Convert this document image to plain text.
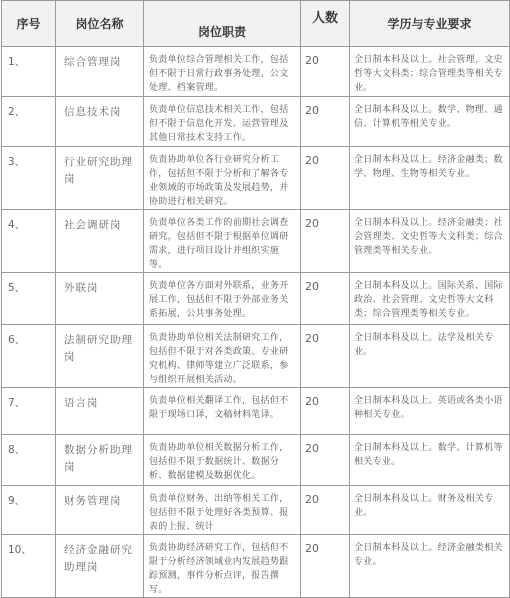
序号	岗位名称	岗位职责	人数	学历与专业要求
1、	综合管理岗	负责单位综合管理相关工作，包括但不限于日常行政事务处理、公文处理、档案管理。	20	全日制本科及以上。社会管理、文史哲等大文科类；综合管理类等相关专业。
2、	信息技术岗	负责单位信息技术相关工作，包括但不限于信息化开发、运营管理及其他日常技术支持工作。	20	全日制本科及以上。数学、物理、通信、计算机等相关专业。
3、	行业研究助理岗	负责协助单位各行业研究分析工作，包括但不限于分析和了解各专业领域的市场政策及发展趋势，并协助进行相关研究。	20	全日制本科及以上。经济金融类；数学、物理、生物等相关专业。
4、	社会调研岗	负责单位各类工作的前期社会调查研究，包括但不限于根据单位调研需求，进行项目设计并组织实施等。	20	全日制本科及以上。经济金融类；社会管理类、文史哲等大文科类；综合管理类等相关专业。
5、	外联岗	负责单位各方面对外联系，业务开展工作，包括但不限于外部业务关系拓展，公共事务处理。	20	全日制本科及以上。国际关系、国际政治、社会管理、文史哲等大文科类；综合管理类等相关专业。
6、	法制研究助理岗	负责协助单位相关法制研究工作，包括但不限于对各类政策、专业研究机构、律师等建立广泛联系，参与组织开展相关活动。	20	全日制本科及以上。法学及相关专业。
7、	语言岗	负责单位相关翻译工作，包括但不限于现场口译，文稿材料笔译。	20	全日制本科及以上。英语或各类小语种相关专业。
8、	数据分析助理岗	负责协助单位相关数据分析工作，包括但不限于数据统计、数据分析、数据建模及数据优化。	20	全日制本科及以上。数学、计算机等相关专业。
9、	财务管理岗	负责单位财务、出纳等相关工作，包括但不限于处理好各类预算、报表的上报、统计	20	全日制本科及以上。财务及相关专业。
10、	经济金融研究助理岗	负责协助经济研究工作，包括但不限于分析经济领域业内发展趋势跟踪预测，事件分析点评，报告撰写。	20	全日制本科及以上。经济金融类相关专业。
